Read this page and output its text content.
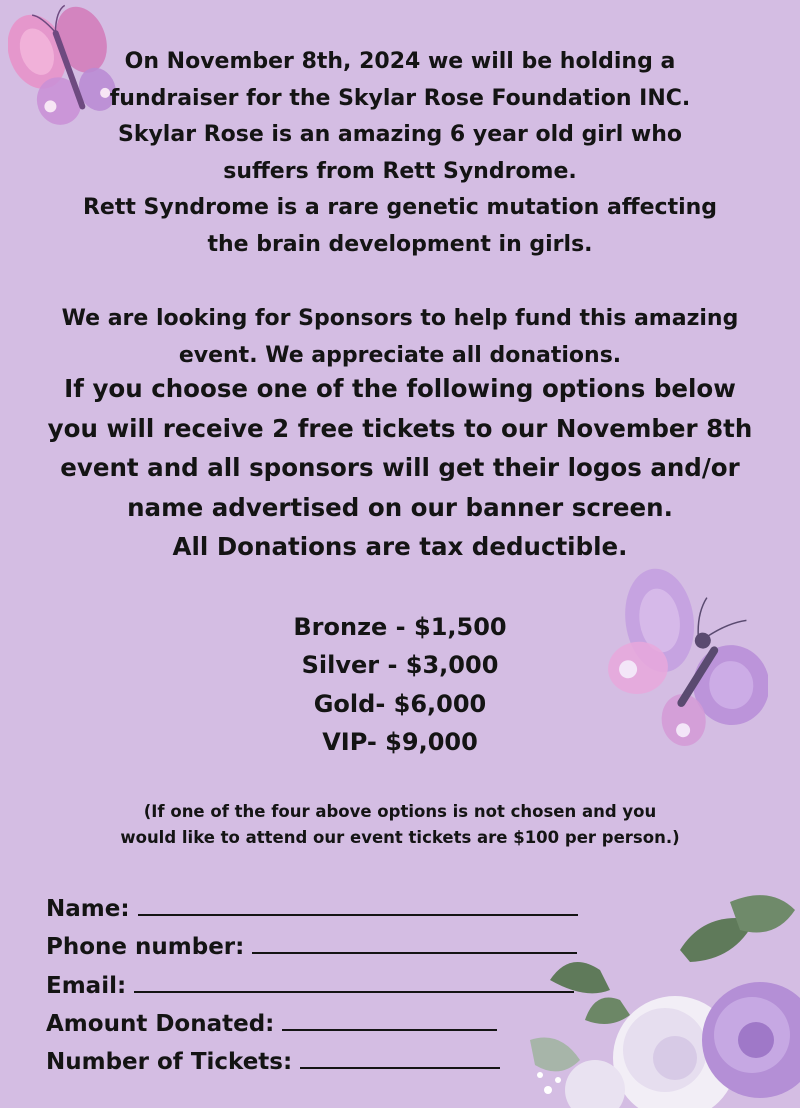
On November 8th, 2024 we will be holding a
fundraiser for the Skylar Rose Foundation INC.
Skylar Rose is an amazing 6 year old girl who
suffers from Rett Syndrome.
Rett Syndrome is a rare genetic mutation affecting
the brain development in girls.
We are looking for Sponsors to help fund this amazing
event. We appreciate all donations.
If you choose one of the following options below
you will receive 2 free tickets to our November 8th
event and all sponsors will get their logos and/or
name advertised on our banner screen.
All Donations are tax deductible.
Bronze - $1,500
Silver - $3,000
Gold- $6,000
VIP- $9,000
(If one of the four above options is not chosen and you
would like to attend our event tickets are $100 per person.)
Name:
Phone number:
Email:
Amount Donated:
Number of Tickets:
